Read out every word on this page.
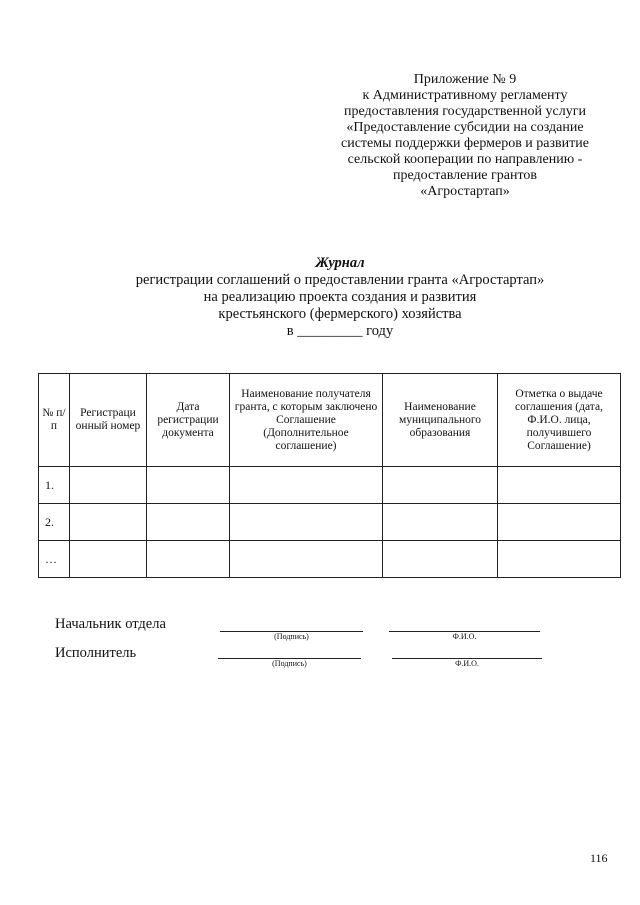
Приложение № 9
к Административному регламенту
предоставления государственной услуги
«Предоставление субсидии на создание
системы поддержки фермеров и развитие
сельской кооперации по направлению -
предоставление грантов
«Агростартап»
Журнал
регистрации соглашений о предоставлении гранта «Агростартап»
на реализацию проекта создания и развития
крестьянского (фермерского) хозяйства
в _________ году
№ п/п	Регистраци онный номер	Дата регистрации документа	Наименование получателя гранта, с которым заключено Соглашение (Дополнительное соглашение)	Наименование муниципального образования	Отметка о выдаче соглашения (дата, Ф.И.О. лица, получившего Соглашение)
1.					
2.					
…					
Начальник отдела
(Подпись)	Ф.И.О.
Исполнитель
(Подпись)	Ф.И.О.
116
